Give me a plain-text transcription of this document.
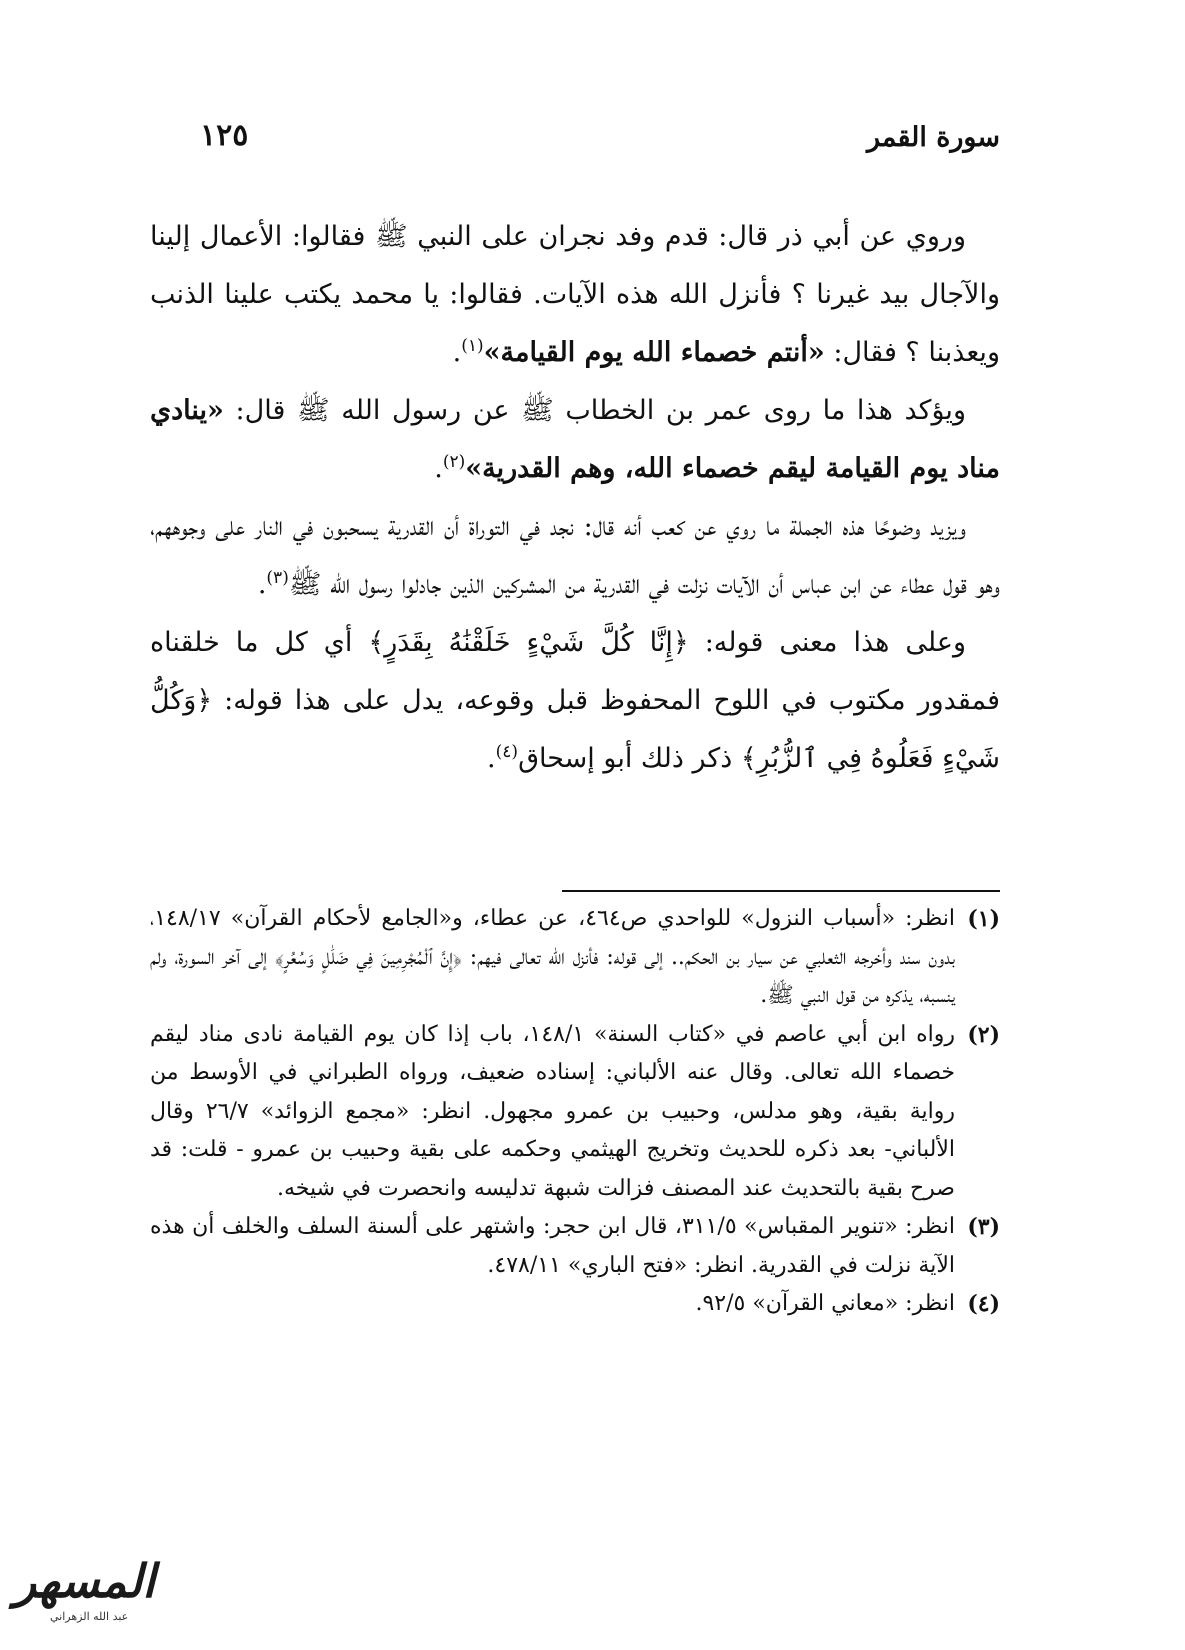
سورة القمر
١٢٥

وروي عن أبي ذر قال: قدم وفد نجران على النبي ﷺ فقالوا: الأعمال إلينا والآجال بيد غيرنا ؟ فأنزل الله هذه الآيات. فقالوا: يا محمد يكتب علينا الذنب ويعذبنا ؟ فقال: «أنتم خصماء الله يوم القيامة»$^{(١)}$.

ويؤكد هذا ما روى عمر بن الخطاب ﷺ عن رسول الله ﷺ قال: «ينادي مناد يوم القيامة ليقم خصماء الله، وهم القدرية»$^{(٢)}$.

ويزيد وضوحًا هذه الجملة ما روي عن كعب أنه قال: نجد في التوراة أن القدرية يسحبون في النار على وجوههم، وهو قول عطاء عن ابن عباس أن الآيات نزلت في القدرية من المشركين الذين جادلوا رسول الله ﷺ$^{(٣)}$.

وعلى هذا معنى قوله: ﴿إِنَّا كُلَّ شَيْءٍ خَلَقْنَٰهُ بِقَدَرٍ﴾ أي كل ما خلقناه فمقدور مكتوب في اللوح المحفوظ قبل وقوعه، يدل على هذا قوله: ﴿وَكُلُّ شَيْءٍ فَعَلُوهُ فِي ٱلزُّبُرِ﴾ ذكر ذلك أبو إسحاق$^{(٤)}$.

(١)
انظر: «أسباب النزول» للواحدي ص٤٦٤، عن عطاء، و«الجامع لأحكام القرآن» ١٤٨/١٧، بدون سند وأخرجه الثعلبي عن سيار بن الحكم.. إلى قوله: فأنزل الله تعالى فيهم: ﴿إِنَّ ٱلْمُجْرِمِينَ فِي ضَلَٰلٍ وَسُعُرٍ﴾ إلى آخر السورة، ولم ينسبه، يذكره من قول النبي ﷺ.

(٢)
رواه ابن أبي عاصم في «كتاب السنة» ١٤٨/١، باب إذا كان يوم القيامة نادى مناد ليقم خصماء الله تعالى. وقال عنه الألباني: إسناده ضعيف، ورواه الطبراني في الأوسط من رواية بقية، وهو مدلس، وحبيب بن عمرو مجهول. انظر: «مجمع الزوائد» ٢٦/٧ وقال الألباني- بعد ذكره للحديث وتخريج الهيثمي وحكمه على بقية وحبيب بن عمرو - قلت: قد صرح بقية بالتحديث عند المصنف فزالت شبهة تدليسه وانحصرت في شيخه.

(٣)
انظر: «تنوير المقباس» ٣١١/٥، قال ابن حجر: واشتهر على ألسنة السلف والخلف أن هذه الآية نزلت في القدرية. انظر: «فتح الباري» ٤٧٨/١١.

(٤)
انظر: «معاني القرآن» ٩٢/٥.

المسهر
عبد الله الزهراني
